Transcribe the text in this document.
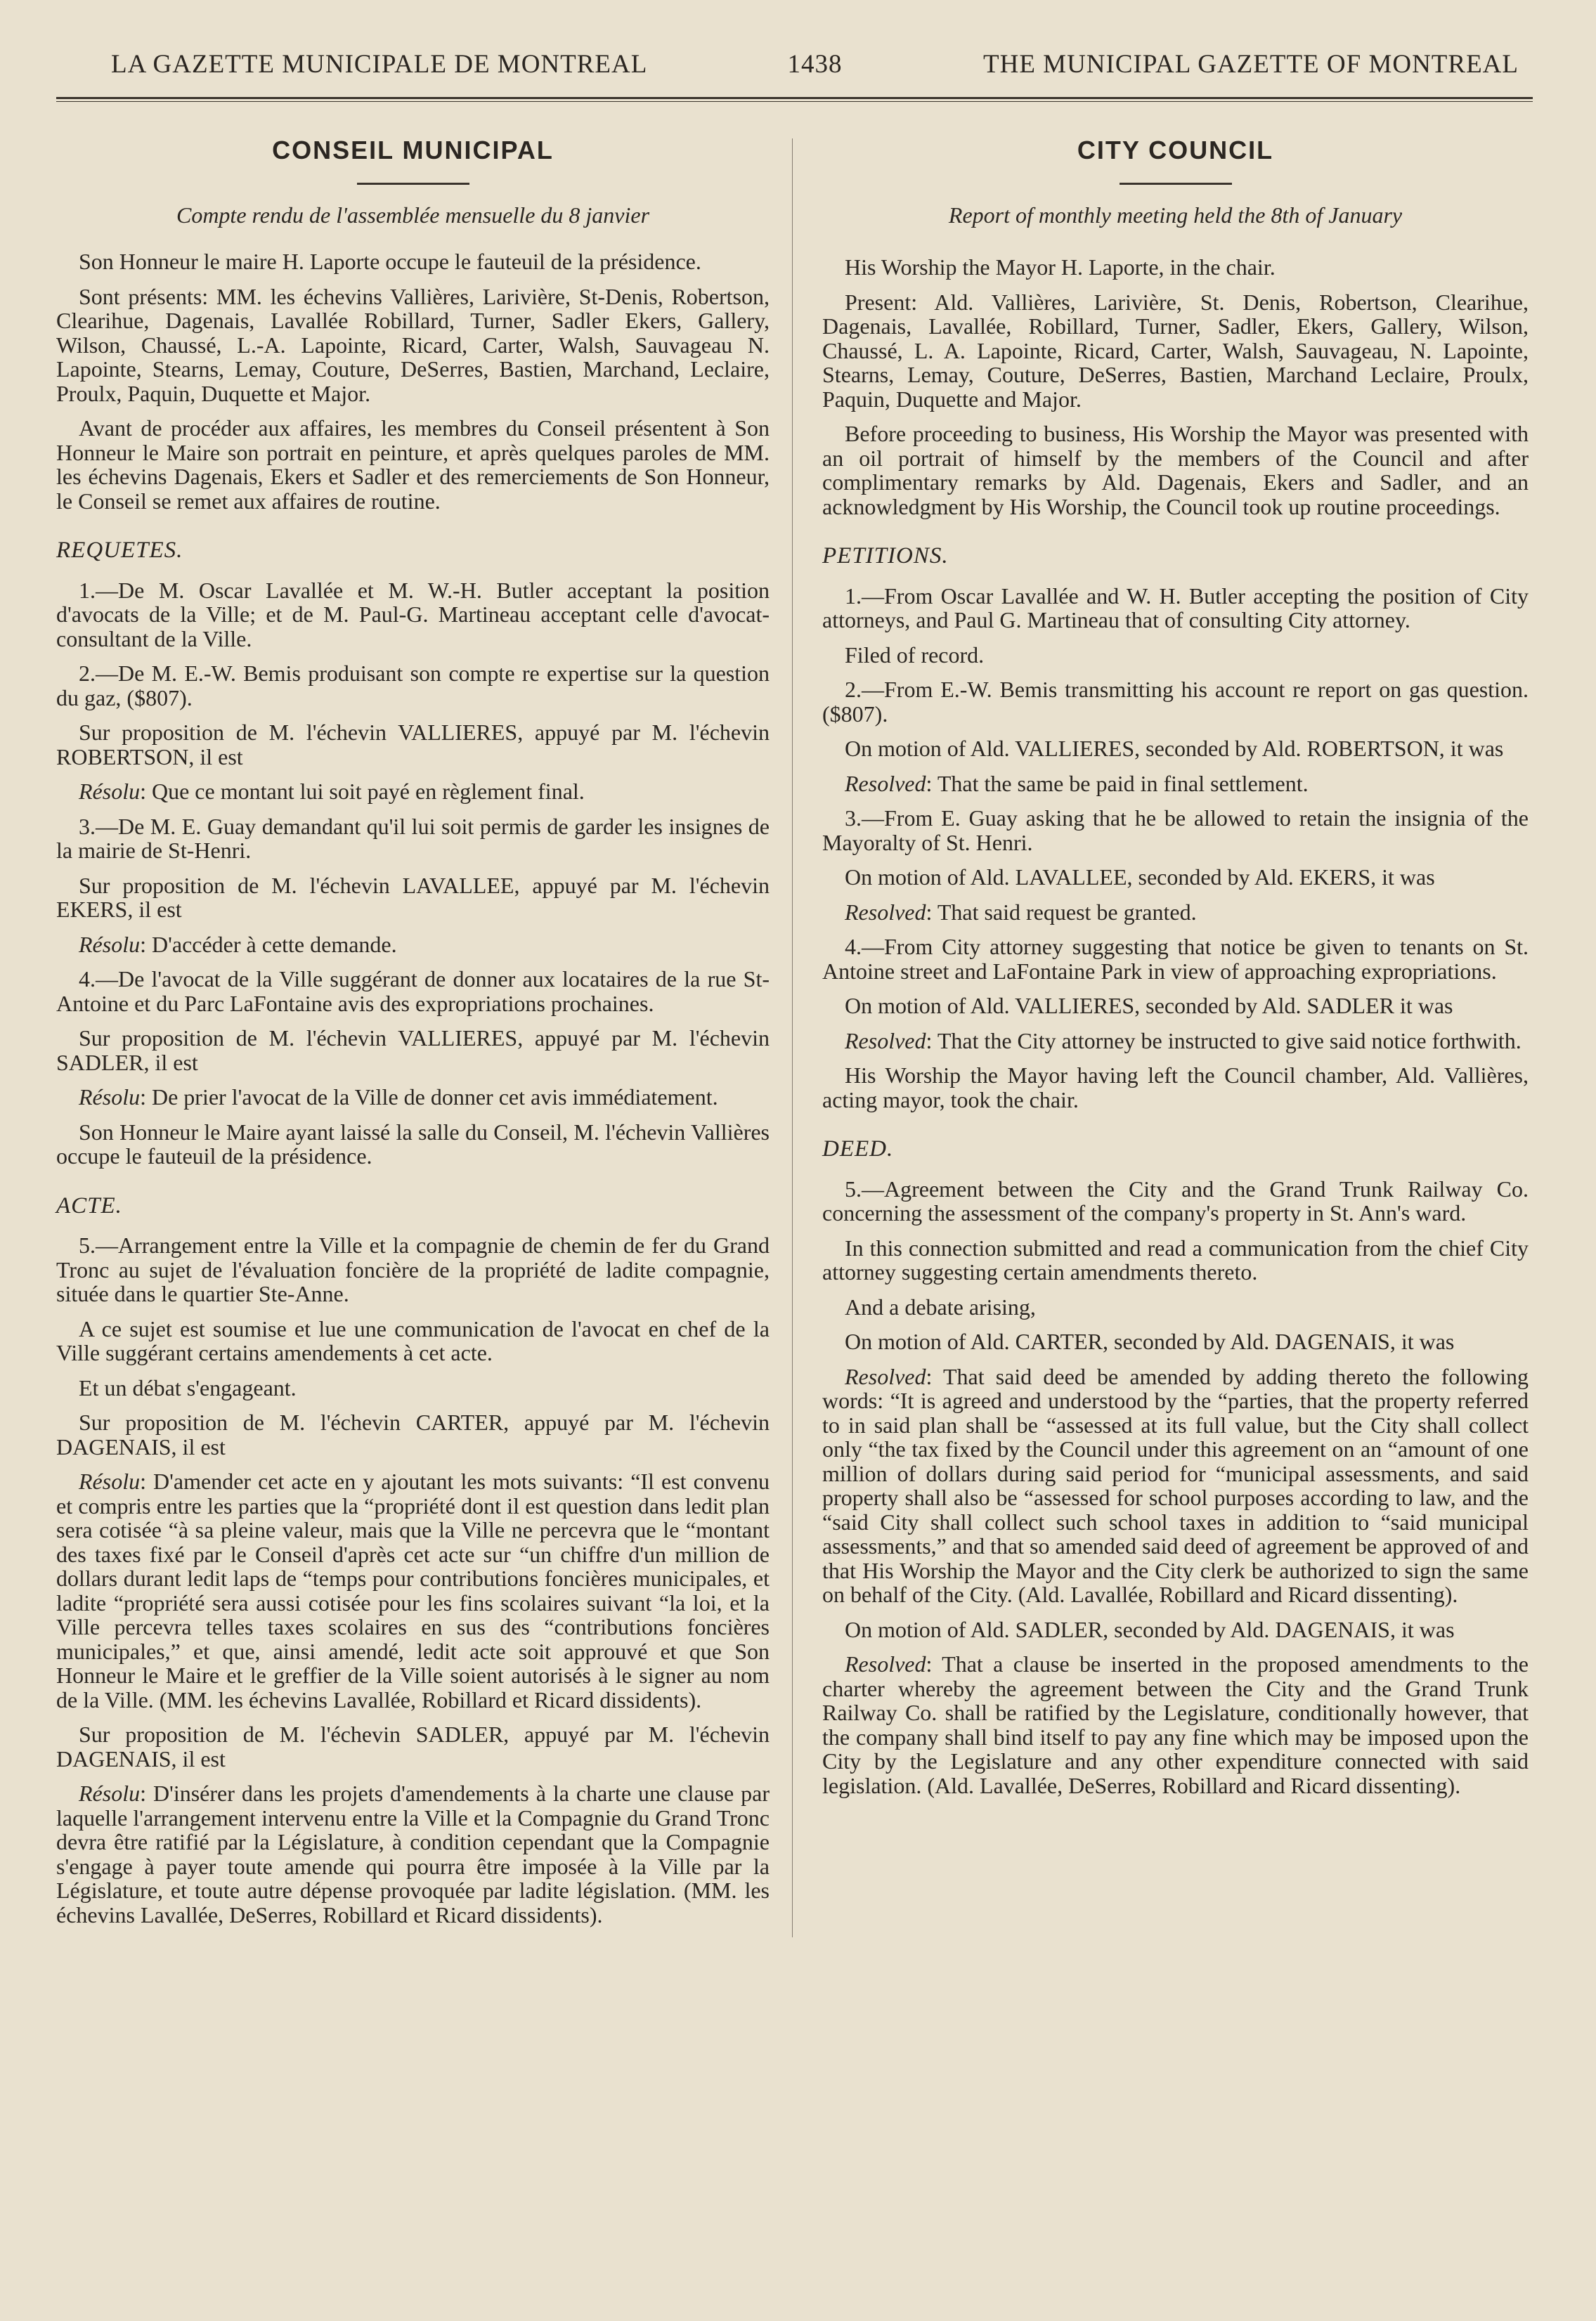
LA GAZETTE MUNICIPALE DE MONTREAL	1438	THE MUNICIPAL GAZETTE OF MONTREAL
CONSEIL MUNICIPAL
Compte rendu de l'assemblée mensuelle du 8 janvier

Son Honneur le maire H. Laporte occupe le fauteuil de la présidence.

Sont présents: MM. les échevins Vallières, Larivière, St-Denis, Robertson, Clearihue, Dagenais, Lavallée Robillard, Turner, Sadler Ekers, Gallery, Wilson, Chaussé, L.-A. Lapointe, Ricard, Carter, Walsh, Sauvageau N. Lapointe, Stearns, Lemay, Couture, DeSerres, Bastien, Marchand, Leclaire, Proulx, Paquin, Duquette et Major.

Avant de procéder aux affaires, les membres du Conseil présentent à Son Honneur le Maire son portrait en peinture, et après quelques paroles de MM. les échevins Dagenais, Ekers et Sadler et des remerciements de Son Honneur, le Conseil se remet aux affaires de routine.

REQUETES.

1.—De M. Oscar Lavallée et M. W.-H. Butler acceptant la position d'avocats de la Ville; et de M. Paul-G. Martineau acceptant celle d'avocat-consultant de la Ville.

2.—De M. E.-W. Bemis produisant son compte re expertise sur la question du gaz, ($807).

Sur proposition de M. l'échevin VALLIERES, appuyé par M. l'échevin ROBERTSON, il est

Résolu: Que ce montant lui soit payé en règlement final.

3.—De M. E. Guay demandant qu'il lui soit permis de garder les insignes de la mairie de St-Henri.

Sur proposition de M. l'échevin LAVALLEE, appuyé par M. l'échevin EKERS, il est

Résolu: D'accéder à cette demande.

4.—De l'avocat de la Ville suggérant de donner aux locataires de la rue St-Antoine et du Parc LaFontaine avis des expropriations prochaines.

Sur proposition de M. l'échevin VALLIERES, appuyé par M. l'échevin SADLER, il est

Résolu: De prier l'avocat de la Ville de donner cet avis immédiatement.

Son Honneur le Maire ayant laissé la salle du Conseil, M. l'échevin Vallières occupe le fauteuil de la présidence.

ACTE.

5.—Arrangement entre la Ville et la compagnie de chemin de fer du Grand Tronc au sujet de l'évaluation foncière de la propriété de ladite compagnie, située dans le quartier Ste-Anne.

A ce sujet est soumise et lue une communication de l'avocat en chef de la Ville suggérant certains amendements à cet acte.

Et un débat s'engageant.

Sur proposition de M. l'échevin CARTER, appuyé par M. l'échevin DAGENAIS, il est

Résolu: D'amender cet acte en y ajoutant les mots suivants: “Il est convenu et compris entre les parties que la “propriété dont il est question dans ledit plan sera cotisée “à sa pleine valeur, mais que la Ville ne percevra que le “montant des taxes fixé par le Conseil d'après cet acte sur “un chiffre d'un million de dollars durant ledit laps de “temps pour contributions foncières municipales, et ladite “propriété sera aussi cotisée pour les fins scolaires suivant “la loi, et la Ville percevra telles taxes scolaires en sus des “contributions foncières municipales,” et que, ainsi amendé, ledit acte soit approuvé et que Son Honneur le Maire et le greffier de la Ville soient autorisés à le signer au nom de la Ville. (MM. les échevins Lavallée, Robillard et Ricard dissidents).

Sur proposition de M. l'échevin SADLER, appuyé par M. l'échevin DAGENAIS, il est

Résolu: D'insérer dans les projets d'amendements à la charte une clause par laquelle l'arrangement intervenu entre la Ville et la Compagnie du Grand Tronc devra être ratifié par la Législature, à condition cependant que la Compagnie s'engage à payer toute amende qui pourra être imposée à la Ville par la Législature, et toute autre dépense provoquée par ladite législation. (MM. les échevins Lavallée, DeSerres, Robillard et Ricard dissidents).

CITY COUNCIL
Report of monthly meeting held the 8th of January

His Worship the Mayor H. Laporte, in the chair.

Present: Ald. Vallières, Larivière, St. Denis, Robertson, Clearihue, Dagenais, Lavallée, Robillard, Turner, Sadler, Ekers, Gallery, Wilson, Chaussé, L. A. Lapointe, Ricard, Carter, Walsh, Sauvageau, N. Lapointe, Stearns, Lemay, Couture, DeSerres, Bastien, Marchand Leclaire, Proulx, Paquin, Duquette and Major.

Before proceeding to business, His Worship the Mayor was presented with an oil portrait of himself by the members of the Council and after complimentary remarks by Ald. Dagenais, Ekers and Sadler, and an acknowledgment by His Worship, the Council took up routine proceedings.

PETITIONS.

1.—From Oscar Lavallée and W. H. Butler accepting the position of City attorneys, and Paul G. Martineau that of consulting City attorney.

Filed of record.

2.—From E.-W. Bemis transmitting his account re report on gas question. ($807).

On motion of Ald. VALLIERES, seconded by Ald. ROBERTSON, it was

Resolved: That the same be paid in final settlement.

3.—From E. Guay asking that he be allowed to retain the insignia of the Mayoralty of St. Henri.

On motion of Ald. LAVALLEE, seconded by Ald. EKERS, it was

Resolved: That said request be granted.

4.—From City attorney suggesting that notice be given to tenants on St. Antoine street and LaFontaine Park in view of approaching expropriations.

On motion of Ald. VALLIERES, seconded by Ald. SADLER it was

Resolved: That the City attorney be instructed to give said notice forthwith.

His Worship the Mayor having left the Council chamber, Ald. Vallières, acting mayor, took the chair.

DEED.

5.—Agreement between the City and the Grand Trunk Railway Co. concerning the assessment of the company's property in St. Ann's ward.

In this connection submitted and read a communication from the chief City attorney suggesting certain amendments thereto.

And a debate arising,

On motion of Ald. CARTER, seconded by Ald. DAGENAIS, it was

Resolved: That said deed be amended by adding thereto the following words: “It is agreed and understood by the “parties, that the property referred to in said plan shall be “assessed at its full value, but the City shall collect only “the tax fixed by the Council under this agreement on an “amount of one million of dollars during said period for “municipal assessments, and said property shall also be “assessed for school purposes according to law, and the “said City shall collect such school taxes in addition to “said municipal assessments,” and that so amended said deed of agreement be approved of and that His Worship the Mayor and the City clerk be authorized to sign the same on behalf of the City. (Ald. Lavallée, Robillard and Ricard dissenting).

On motion of Ald. SADLER, seconded by Ald. DAGENAIS, it was

Resolved: That a clause be inserted in the proposed amendments to the charter whereby the agreement between the City and the Grand Trunk Railway Co. shall be ratified by the Legislature, conditionally however, that the company shall bind itself to pay any fine which may be imposed upon the City by the Legislature and any other expenditure connected with said legislation. (Ald. Lavallée, DeSerres, Robillard and Ricard dissenting).
